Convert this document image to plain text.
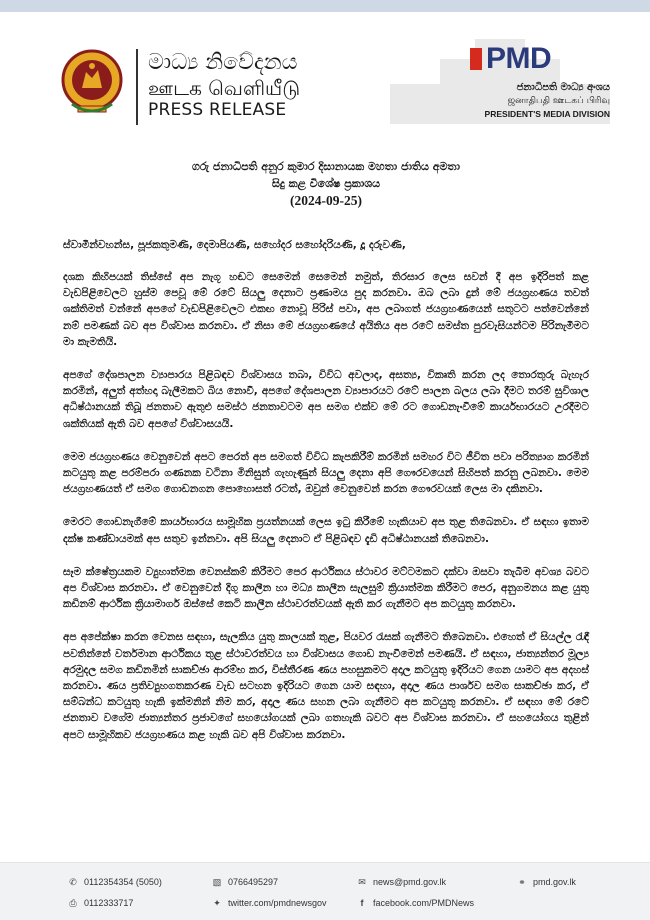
මාධ්‍ය නිවේදනය
ஊடக வெளியீடு
PRESS RELEASE
PMD
ජනාධිපති මාධ්‍ය අංශය
ஜனாதிபதி ஊடகப் பிரிவு
PRESIDENT'S MEDIA DIVISION
ගරු ජනාධිපති අනුර කුමාර දිසානායක මහතා ජාතිය අමතා
සිදු කළ විශේෂ ප්‍රකාශය
(2024-09-25)
ස්වාමීන්වහන්ස, පූජකතුමණි, දෙමාපියණි, සහෝදර සහෝදරියණි, දූ දරුවණි,
දශක කිහිපයක් තිස්සේ අප නැගූ හඬට සෙමෙන් සෙමෙන් නමුත්, තිරසාර ලෙස සවන් දී අප ඉදිරිපත් කළ වැඩපිළිවෙලට හුස්ම පෙවූ මේ රටේ සියලු දෙනාට ප්‍රණාමය පුද කරනවා. ඔබ ලබා දුන් මේ ජයග්‍රහණය තවත් ශක්තිමත් වන්නේ අපගේ වැඩපිළිවෙලට එකඟ නොවූ පිරිස් පවා, අප ලබාගත් ජයග්‍රහණයෙන් සතුටට පත්වෙන්නේ නම් පමණක් බව අප විශ්වාස කරනවා. ඒ නිසා මේ ජයග්‍රහණයේ අයිතිය අප රටේ සමස්ත පුරවැසියන්ටම පිරිනැමීමට මා කැමතියි.
අපගේ දේශපාලන ව්‍යාපාරය පිළිබඳව විශ්වාසය තබා, විවිධ අවලාද, අසත්‍ය, විකෘති කරන ලද තොරතුරු බැහැර කරමින්, අලුත් අත්හදා බැලීමකට බිය නොවී, අපගේ දේශපාලන ව්‍යාපාරයට රටේ පාලන බලය ලබා දීමට තරම් සුවිශාල අධිෂ්ඨානයක් තිබූ ජනතාව ඇතුළු සමස්ථ ජනතාවටම අප සමග එක්ව මේ රට ගොඩනැංවීමේ කාර්යභාරයට උරදීමට ශක්තියක් ඇති බව අපගේ විශ්වාසයයි.
මෙම ජයග්‍රහණය වෙනුවෙන් අපට පෙරත් අප සමගත් විවිධ කැපකිරීම් කරමින් සමහර විට ජීවිත පවා පරිත්‍යාග කරමින් කටයුතු කළ පරම්පරා ගණනක වටිනා මිනිසුන් ගැහැණුන් සියලු දෙනා අපි ගෞරවයෙන් සිහිපත් කරනු ලබනවා. මෙම ජයග්‍රහණයත් ඒ සමග ගොඩනගන පොහොසත් රටත්, ඔවුන් වෙනුවෙන් කරන ගෞරවයක් ලෙස මා දකිනවා.
මෙරට ගොඩනැගීමේ කාර්යභාරය සාමූහික ප්‍රයත්නයක් ලෙස ඉටු කිරීමේ හැකියාව අප තුළ තිබෙනවා. ඒ සඳහා ඉතාම දක්ෂ කණ්ඩායමක් අප සතුව ඉන්නවා. අපි සියලු දෙනාට ඒ පිළිබඳව දැඩි අධිෂ්ඨානයක් තිබෙනවා.
සෑම ක්ෂේත්‍රයකම ව්‍යුහාත්මක වෙනස්කම් කිරීමට පෙර ආර්ථිකය ස්ථාවර මට්ටමකට දක්වා ඔසවා තැබීම අවශ්‍ය බවට අප විශ්වාස කරනවා. ඒ වෙනුවෙන් දිගු කාලීන හා මධ්‍ය කාලීන සැලසුම් ක්‍රියාත්මක කිරීමට පෙර, අනුගමනය කළ යුතු කඩිනම් ආර්ථික ක්‍රියාමාර්ග ඔස්සේ කෙටි කාලීන ස්ථාවරත්වයක් ඇති කර ගැනීමට අප කටයුතු කරනවා.
අප අපේක්ෂා කරන වෙනස සඳහා, සැලකිය යුතු කාලයක් තුළ, පියවර රැසක් ගැනීමට තිබෙනවා. එහෙත් ඒ සියල්ල රැඳී පවතින්නේ වර්තමාන ආර්ථිකය තුළ ස්ථාවරත්වය හා විශ්වාසය ගොඩ නැංවීමෙන් පමණයි. ඒ සඳහා, ජාත්‍යන්තර මූල්‍ය අරමුදල සමග කඩිනමින් සාකච්ඡා ආරම්භ කර, විස්තීරණ ණය පහසුකමට අදාල කටයුතු ඉදිරියට ගෙන යාමට අප අදහස් කරනවා. ණය ප්‍රතිව්‍යුහගතකරණ වැඩ සටහන ඉදිරියට ගෙන යාම සඳහා, අදාල ණය පාර්ශව සමග සාකච්ඡා කර, ඒ සම්බන්ධ කටයුතු හැකි ඉක්මනින් නිම කර, අදාල ණය සහන ලබා ගැනීමට අප කටයුතු කරනවා. ඒ සඳහා මේ රටේ ජනතාව වගේම ජාත්‍යන්තර ප්‍රජාවගේ සහයෝගයක් ලබා ගතහැකි බවට අප විශ්වාස කරනවා. ඒ සහයෝගය තුළින් අපට සාමූහිකව ජයග්‍රහණය කළ හැකි බව අපි විශ්වාස කරනවා.
✆ 0112354354 (5050)	▧ 0766495297	✉ news@pmd.gov.lk	⚭ pmd.gov.lk
⎙ 0112333717	✦ twitter.com/pmdnewsgov	f facebook.com/PMDNews
